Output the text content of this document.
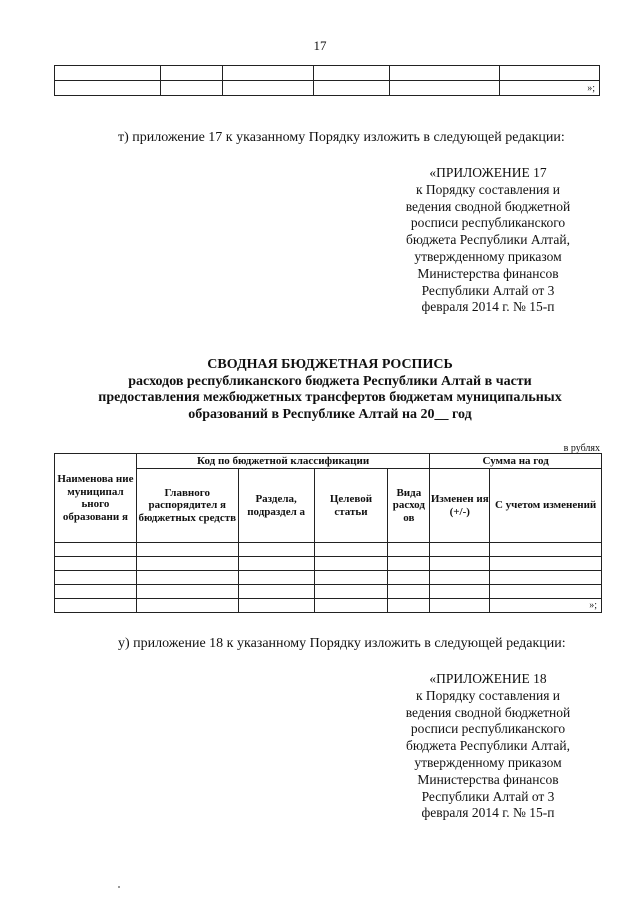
17

					»;
т) приложение 17 к указанному Порядку изложить в следующей редакции:
«ПРИЛОЖЕНИЕ 17
к Порядку составления и
ведения сводной бюджетной
росписи республиканского
бюджета Республики Алтай,
утвержденному приказом
Министерства финансов
Республики Алтай от 3
февраля 2014 г. № 15-п
СВОДНАЯ БЮДЖЕТНАЯ РОСПИСЬ
расходов республиканского бюджета Республики Алтай в части
предоставления межбюджетных трансфертов бюджетам муниципальных
образований в Республике Алтай на 20__ год
в рублях
Наименова ние муниципал ьного образовани я	Код по бюджетной классификации				Сумма на год	
	Главного распорядител я бюджетных средств	Раздела, подраздел а	Целевой статьи	Вида расход ов	Изменен ия (+/-)	С учетом изменений

						»;
у) приложение 18 к указанному Порядку изложить в следующей редакции:
«ПРИЛОЖЕНИЕ 18
к Порядку составления и
ведения сводной бюджетной
росписи республиканского
бюджета Республики Алтай,
утвержденному приказом
Министерства финансов
Республики Алтай от 3
февраля 2014 г. № 15-п
